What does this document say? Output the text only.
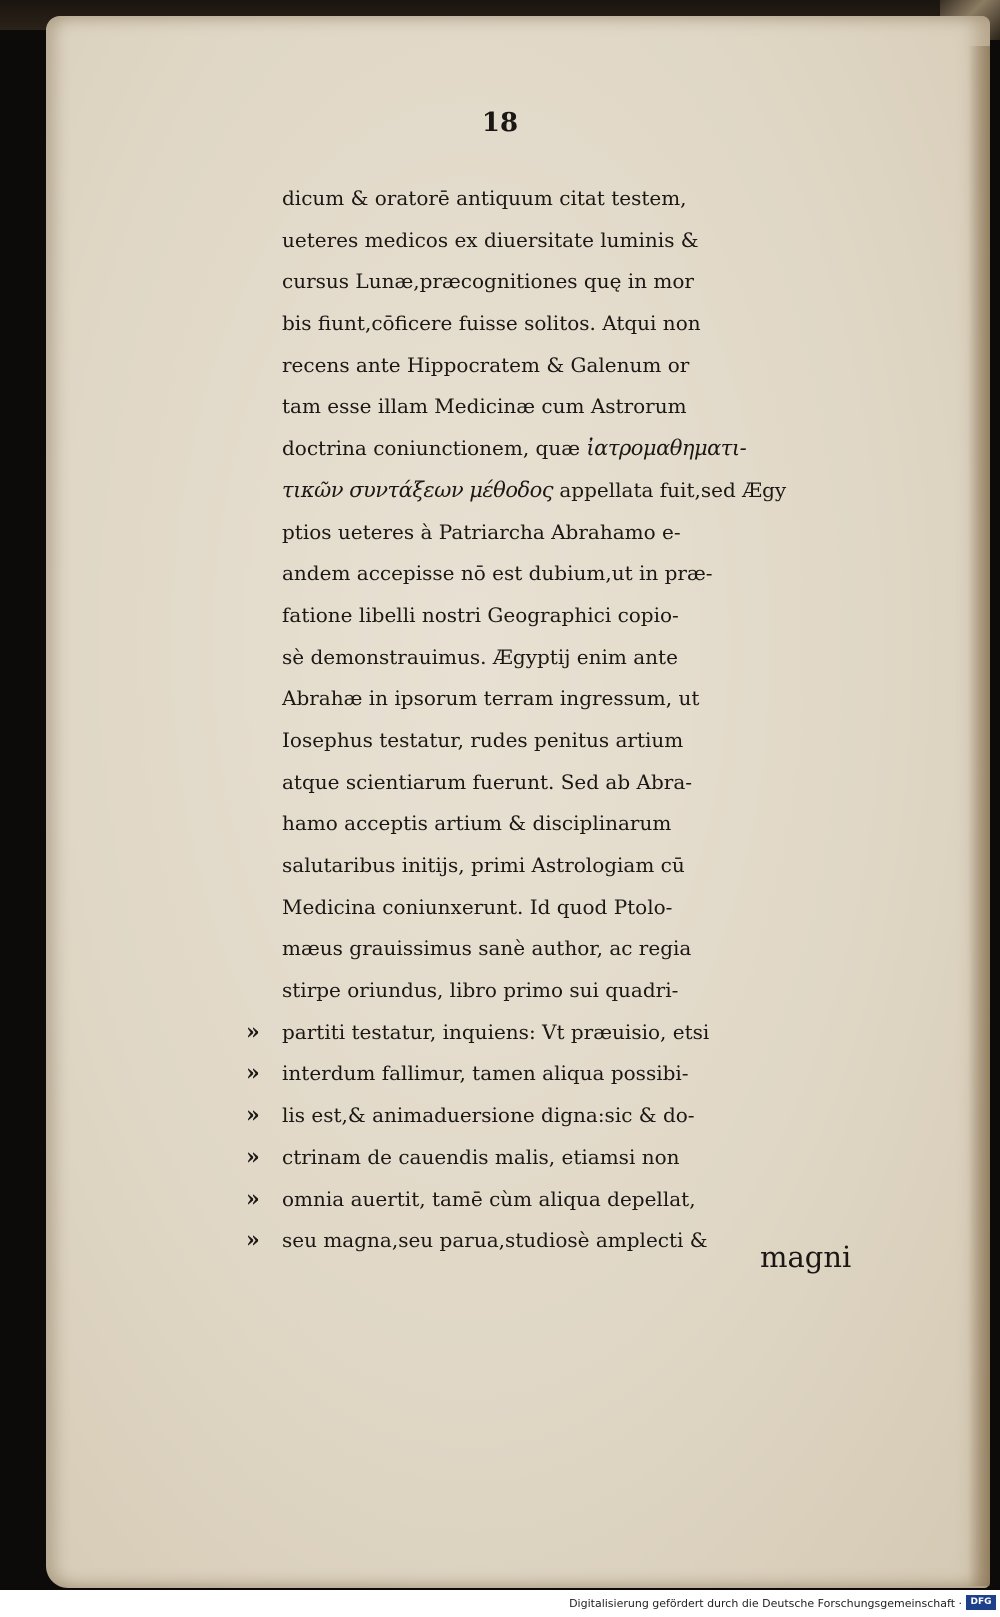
18
dicum & oratorē antiquum citat testem,
ueteres medicos ex diuersitate luminis &
cursus Lunæ,præcognitiones quę in mor
bis fiunt,cōficere fuisse solitos. Atqui non
recens ante Hippocratem & Galenum or
tam esse illam Medicinæ cum Astrorum
doctrina coniunctionem, quæ ἰατρομαθηματι-
τικῶν συντάξεων μέθοδος appellata fuit,sed Ægy
ptios ueteres à Patriarcha Abrahamo e-
andem accepisse nō est dubium,ut in præ-
fatione libelli nostri Geographici copio-
sè demonstrauimus. Ægyptij enim ante
Abrahæ in ipsorum terram ingressum, ut
Iosephus testatur, rudes penitus artium
atque scientiarum fuerunt. Sed ab Abra-
hamo acceptis artium & disciplinarum
salutaribus initijs, primi Astrologiam cū
Medicina coniunxerunt. Id quod Ptolo-
mæus grauissimus sanè author, ac regia
stirpe oriundus, libro primo sui quadri-
»	partiti testatur, inquiens: Vt præuisio, etsi
»	interdum fallimur, tamen aliqua possibi-
»	lis est,& animaduersione digna:sic & do-
»	ctrinam de cauendis malis, etiamsi non
»	omnia auertit, tamē cùm aliqua depellat,
»	seu magna,seu parua,studiosè amplecti &	magni
Digitalisierung gefördert durch die Deutsche Forschungsgemeinschaft · DFG
